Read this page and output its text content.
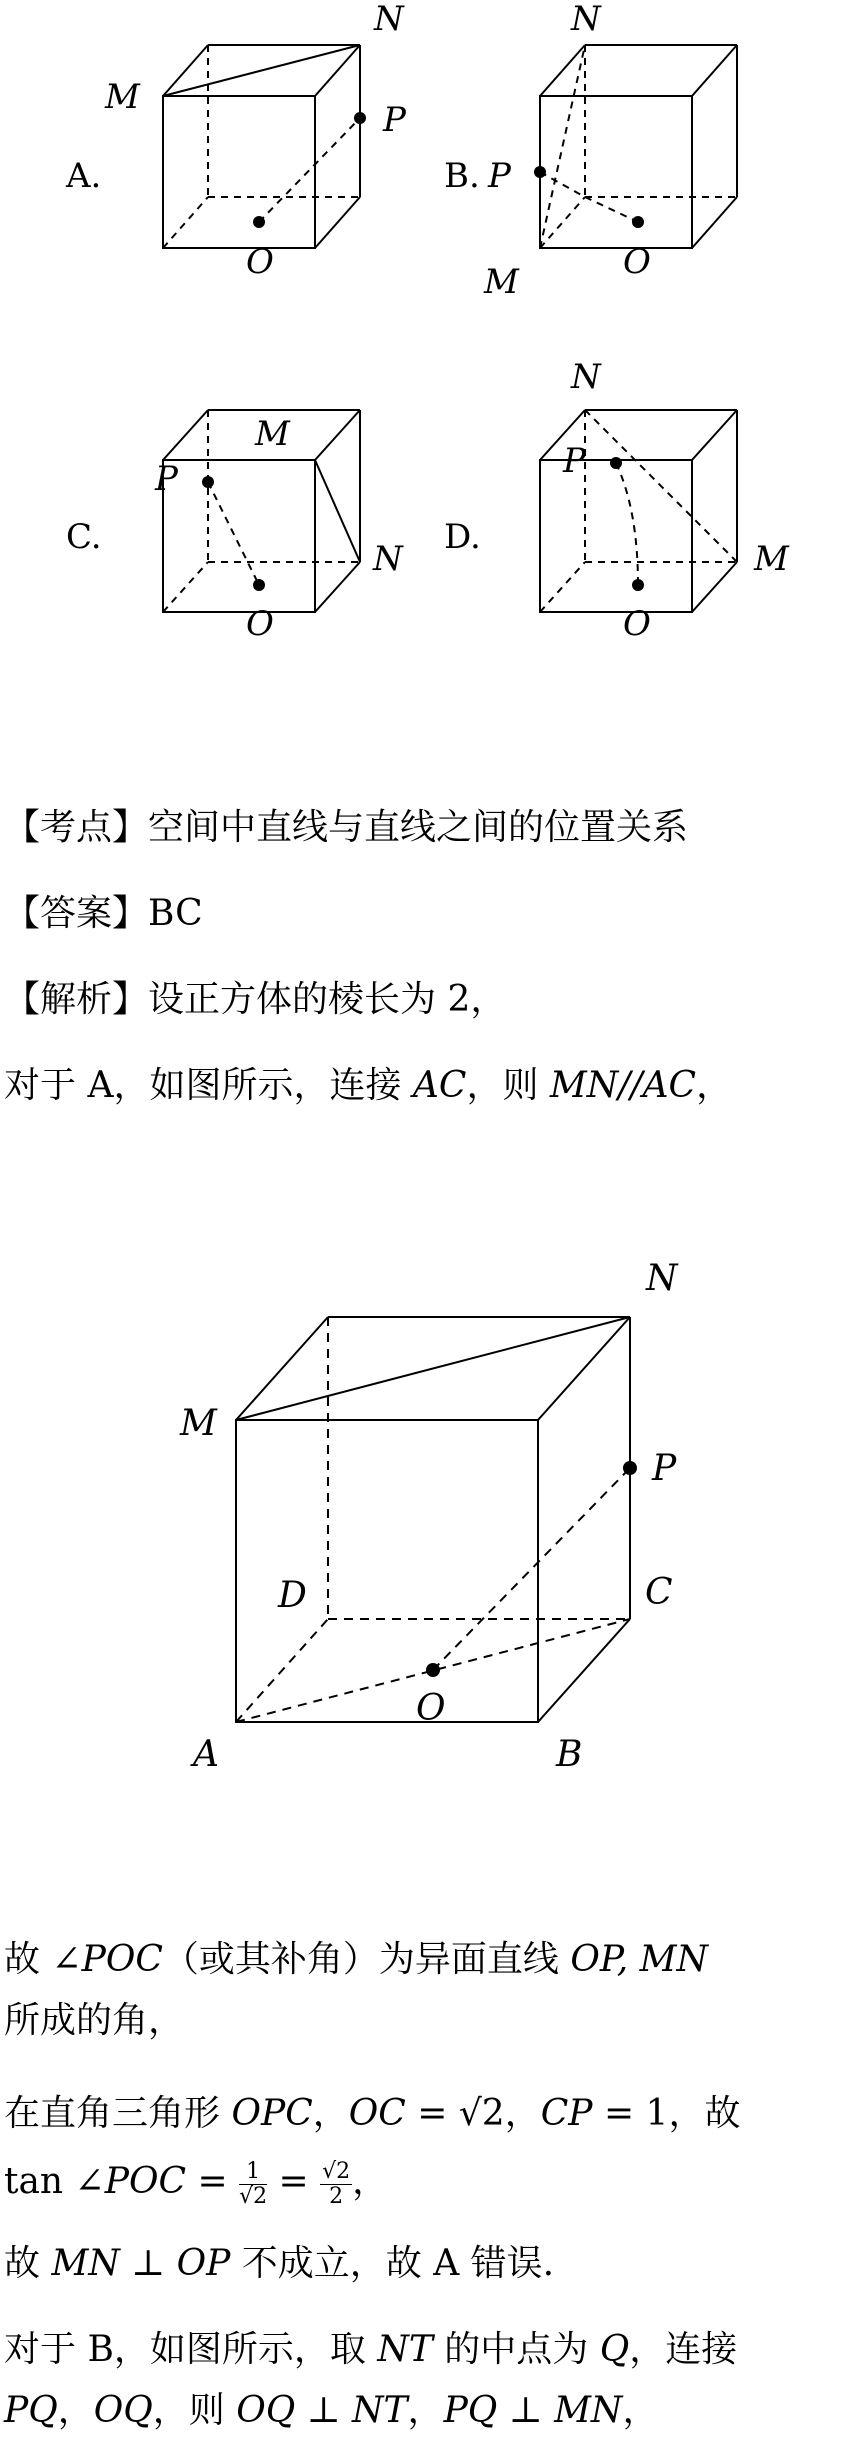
A.
M
N
P
O
B. P
N
M	O
C.
M
P
N
O
D.
N
P
M
O
【考点】空间中直线与直线之间的位置关系
【答案】BC
【解析】设正方体的棱长为 2，
对于 A，如图所示，连接 AC，则 MN//AC，
N
M
P
D	C
O
A	B
故 ∠POC（或其补角）为异面直线 OP, MN
所成的角，
在直角三角形 OPC，OC = √2，CP = 1，故
tan ∠POC = $\frac{1}{√2} = \frac{√2}{2}$ ，
故 MN ⊥ OP 不成立，故 A 错误.
对于 B，如图所示，取 NT 的中点为 Q，连接
PQ，OQ，则 OQ ⊥ NT，PQ ⊥ MN，
